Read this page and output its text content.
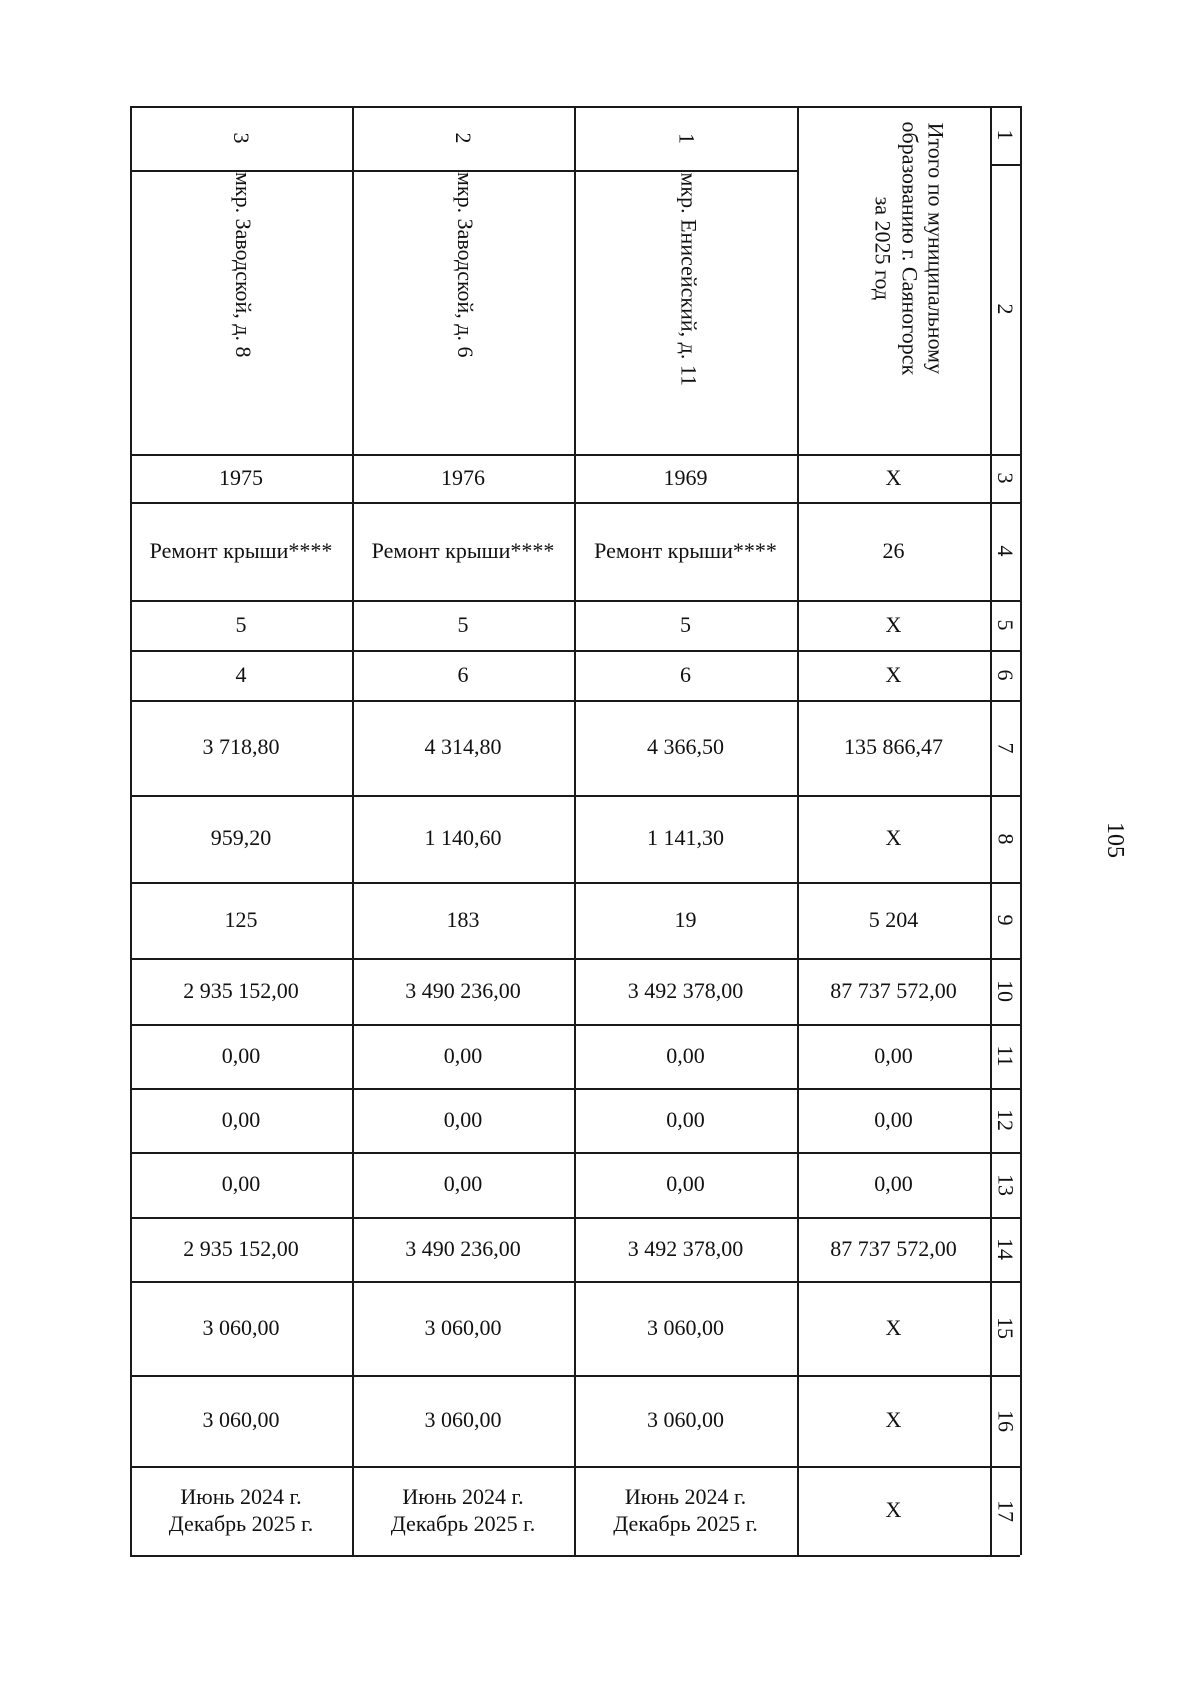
3
мкр. Заводской, д. 8
1975
Ремонт крыши****
5
4
3 718,80
959,20
125
2 935 152,00
0,00
0,00
0,00
2 935 152,00
3 060,00
3 060,00
Июнь 2024 г.
Декабрь 2025 г.
2
мкр. Заводской, д. 6
1976
Ремонт крыши****
5
6
4 314,80
1 140,60
183
3 490 236,00
0,00
0,00
0,00
3 490 236,00
3 060,00
3 060,00
Июнь 2024 г.
Декабрь 2025 г.
1
мкр. Енисейский, д. 11
1969
Ремонт крыши****
5
6
4 366,50
1 141,30
19
3 492 378,00
0,00
0,00
0,00
3 492 378,00
3 060,00
3 060,00
Июнь 2024 г.
Декабрь 2025 г.
Итого по муниципальному
образованию г. Саяногорск
за 2025 год
X
26
X
X
135 866,47
X
5 204
87 737 572,00
0,00
0,00
0,00
87 737 572,00
X
X
X
1
2
3
4
5
6
7
8
9
10
11
12
13
14
15
16
17
105
